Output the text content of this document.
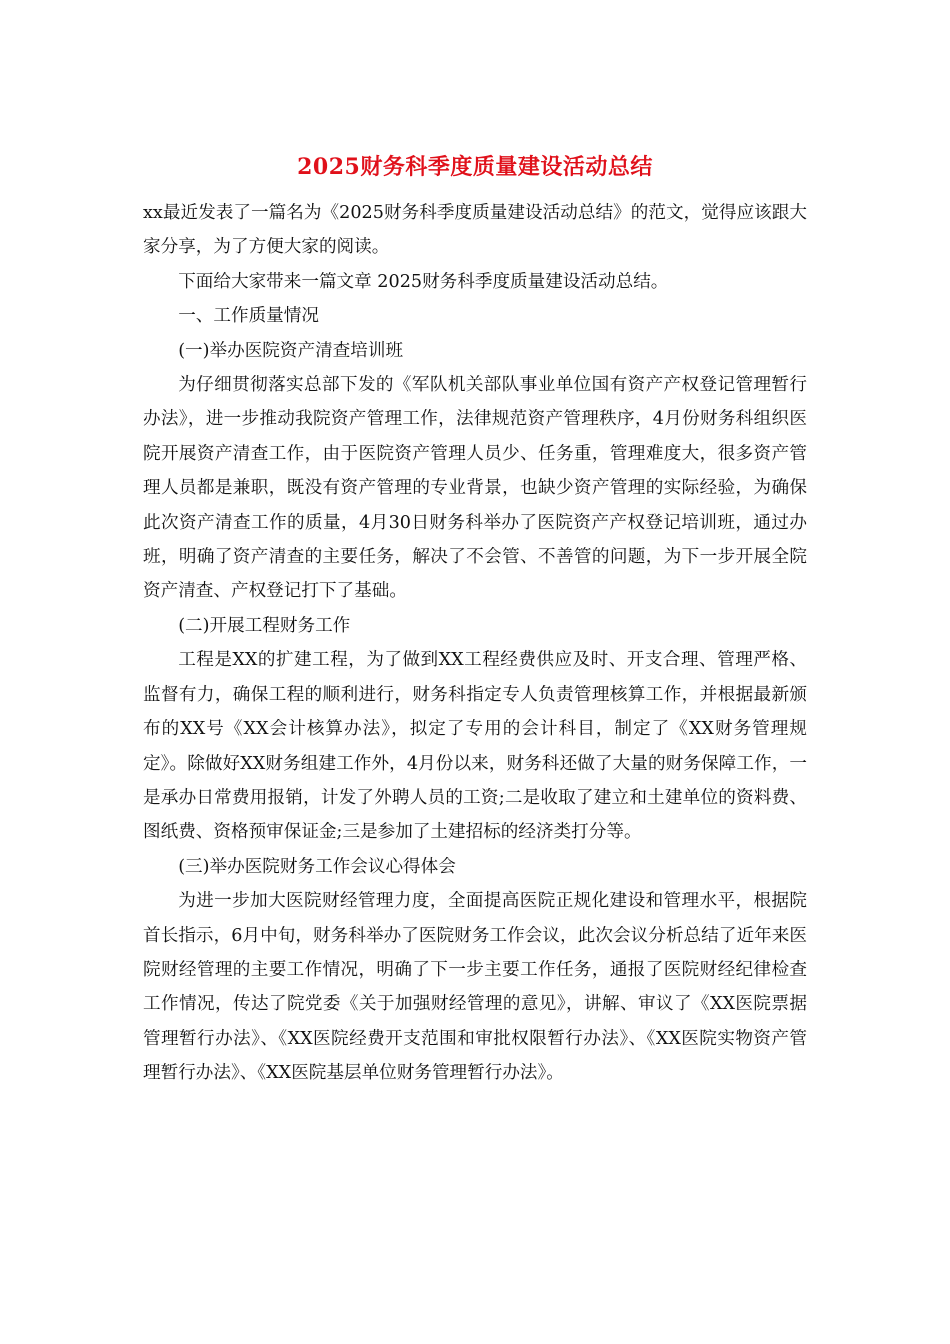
2025财务科季度质量建设活动总结

xx最近发表了一篇名为《2025财务科季度质量建设活动总结》的范文，觉得应该跟大家分享，为了方便大家的阅读。

下面给大家带来一篇文章 2025财务科季度质量建设活动总结。

一、工作质量情况

(一)举办医院资产清查培训班

为仔细贯彻落实总部下发的《军队机关部队事业单位国有资产产权登记管理暂行办法》，进一步推动我院资产管理工作，法律规范资产管理秩序，4月份财务科组织医院开展资产清查工作，由于医院资产管理人员少、任务重，管理难度大，很多资产管理人员都是兼职，既没有资产管理的专业背景，也缺少资产管理的实际经验，为确保此次资产清查工作的质量，4月30日财务科举办了医院资产产权登记培训班，通过办班，明确了资产清查的主要任务，解决了不会管、不善管的问题，为下一步开展全院资产清查、产权登记打下了基础。

(二)开展工程财务工作

工程是XX的扩建工程，为了做到XX工程经费供应及时、开支合理、管理严格、监督有力，确保工程的顺利进行，财务科指定专人负责管理核算工作，并根据最新颁布的XX号《XX会计核算办法》，拟定了专用的会计科目，制定了《XX财务管理规定》。除做好XX财务组建工作外，4月份以来，财务科还做了大量的财务保障工作，一是承办日常费用报销，计发了外聘人员的工资;二是收取了建立和土建单位的资料费、图纸费、资格预审保证金;三是参加了土建招标的经济类打分等。

(三)举办医院财务工作会议心得体会

为进一步加大医院财经管理力度，全面提高医院正规化建设和管理水平，根据院首长指示，6月中旬，财务科举办了医院财务工作会议，此次会议分析总结了近年来医院财经管理的主要工作情况，明确了下一步主要工作任务，通报了医院财经纪律检查工作情况，传达了院党委《关于加强财经管理的意见》，讲解、审议了《XX医院票据管理暂行办法》、《XX医院经费开支范围和审批权限暂行办法》、《XX医院实物资产管理暂行办法》、《XX医院基层单位财务管理暂行办法》。
